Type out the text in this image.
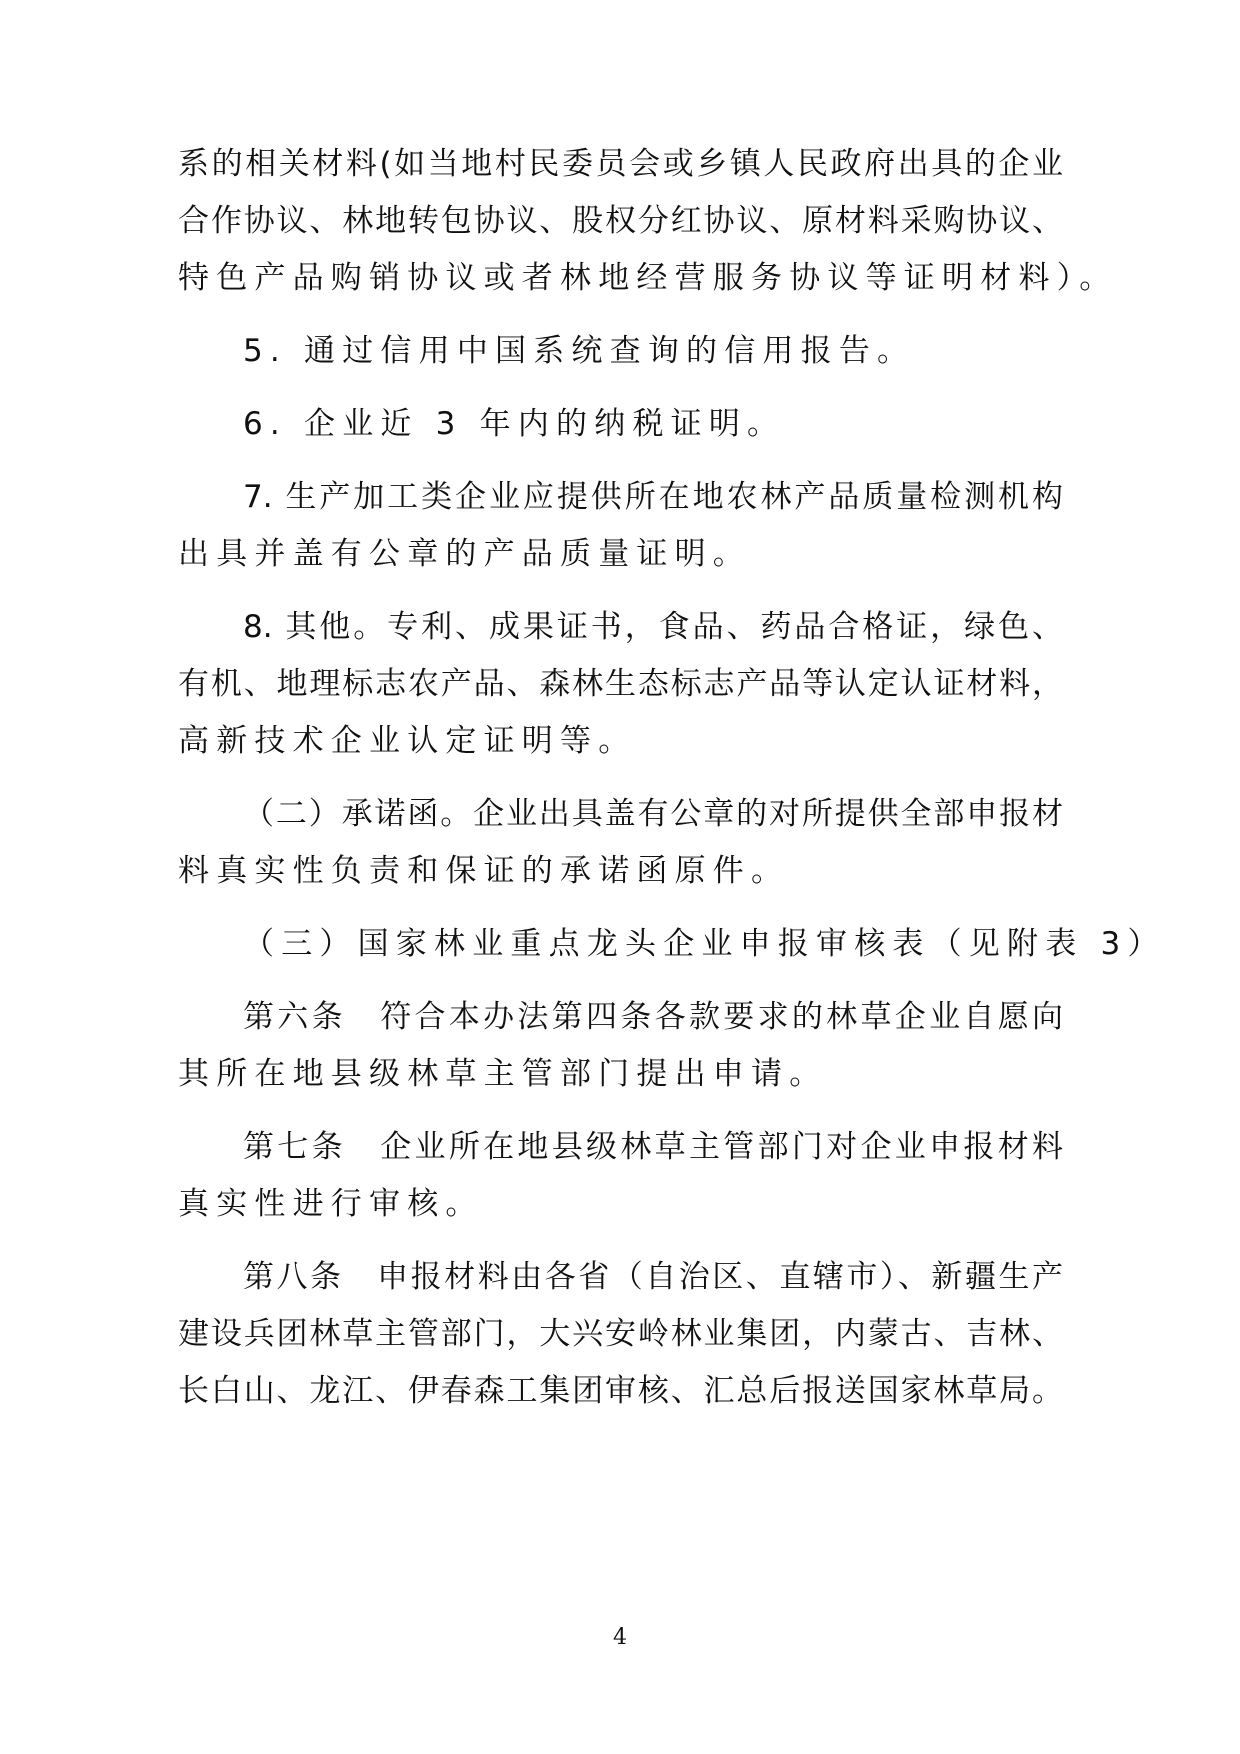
系的相关材料(如当地村民委员会或乡镇人民政府出具的企业
合作协议、林地转包协议、股权分红协议、原材料采购协议、
特色产品购销协议或者林地经营服务协议等证明材料）。
5. 通过信用中国系统查询的信用报告。
6. 企业近 3 年内的纳税证明。
7. 生产加工类企业应提供所在地农林产品质量检测机构
出具并盖有公章的产品质量证明。
8. 其他。专利、成果证书，食品、药品合格证，绿色、
有机、地理标志农产品、森林生态标志产品等认定认证材料，
高新技术企业认定证明等。
（二）承诺函。企业出具盖有公章的对所提供全部申报材
料真实性负责和保证的承诺函原件。
（三）国家林业重点龙头企业申报审核表（见附表 3）
第六条　符合本办法第四条各款要求的林草企业自愿向
其所在地县级林草主管部门提出申请。
第七条　企业所在地县级林草主管部门对企业申报材料
真实性进行审核。
第八条　申报材料由各省（自治区、直辖市）、新疆生产
建设兵团林草主管部门，大兴安岭林业集团，内蒙古、吉林、
长白山、龙江、伊春森工集团审核、汇总后报送国家林草局。
4
